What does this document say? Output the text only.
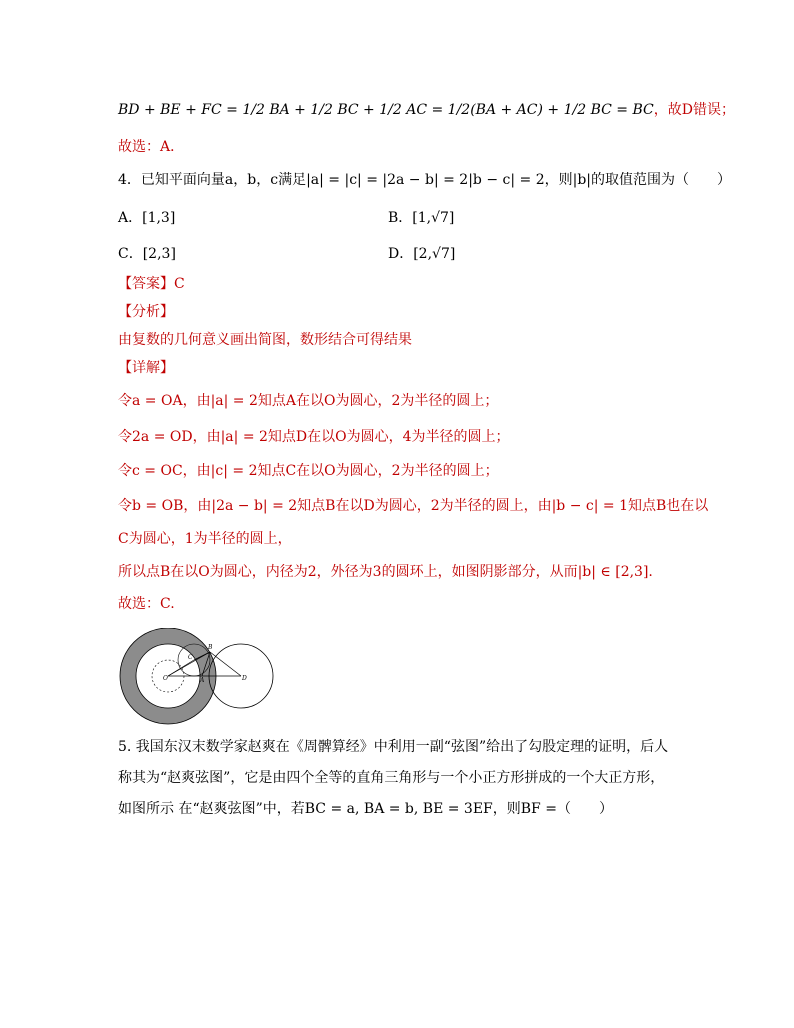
BD + BE + FC = 1/2 BA + 1/2 BC + 1/2 AC = 1/2(BA + AC) + 1/2 BC = BC，故D错误；
故选：A．
4．已知平面向量a，b，c满足|a| = |c| = |2a − b| = 2|b − c| = 2，则|b|的取值范围为（　　）
A．[1,3]	B．[1,√7]
C．[2,3]	D．[2,√7]
【答案】C
【分析】
由复数的几何意义画出简图，数形结合可得结果
【详解】
令a = OA，由|a| = 2知点A在以O为圆心，2为半径的圆上；
令2a = OD，由|a| = 2知点D在以O为圆心，4为半径的圆上；
令c = OC，由|c| = 2知点C在以O为圆心，2为半径的圆上；
令b = OB，由|2a − b| = 2知点B在以D为圆心，2为半径的圆上，由|b − c| = 1知点B也在以
C为圆心，1为半径的圆上，
所以点B在以O为圆心，内径为2，外径为3的圆环上，如图阴影部分，从而|b| ∈ [2,3].
故选：C.
O	A
B
C
D
5. 我国东汉末数学家赵爽在《周髀算经》中利用一副“弦图”给出了勾股定理的证明，后人
称其为“赵爽弦图”，它是由四个全等的直角三角形与一个小正方形拼成的一个大正方形，
如图所示 在“赵爽弦图”中，若BC = a, BA = b, BE = 3EF，则BF =（　　）
